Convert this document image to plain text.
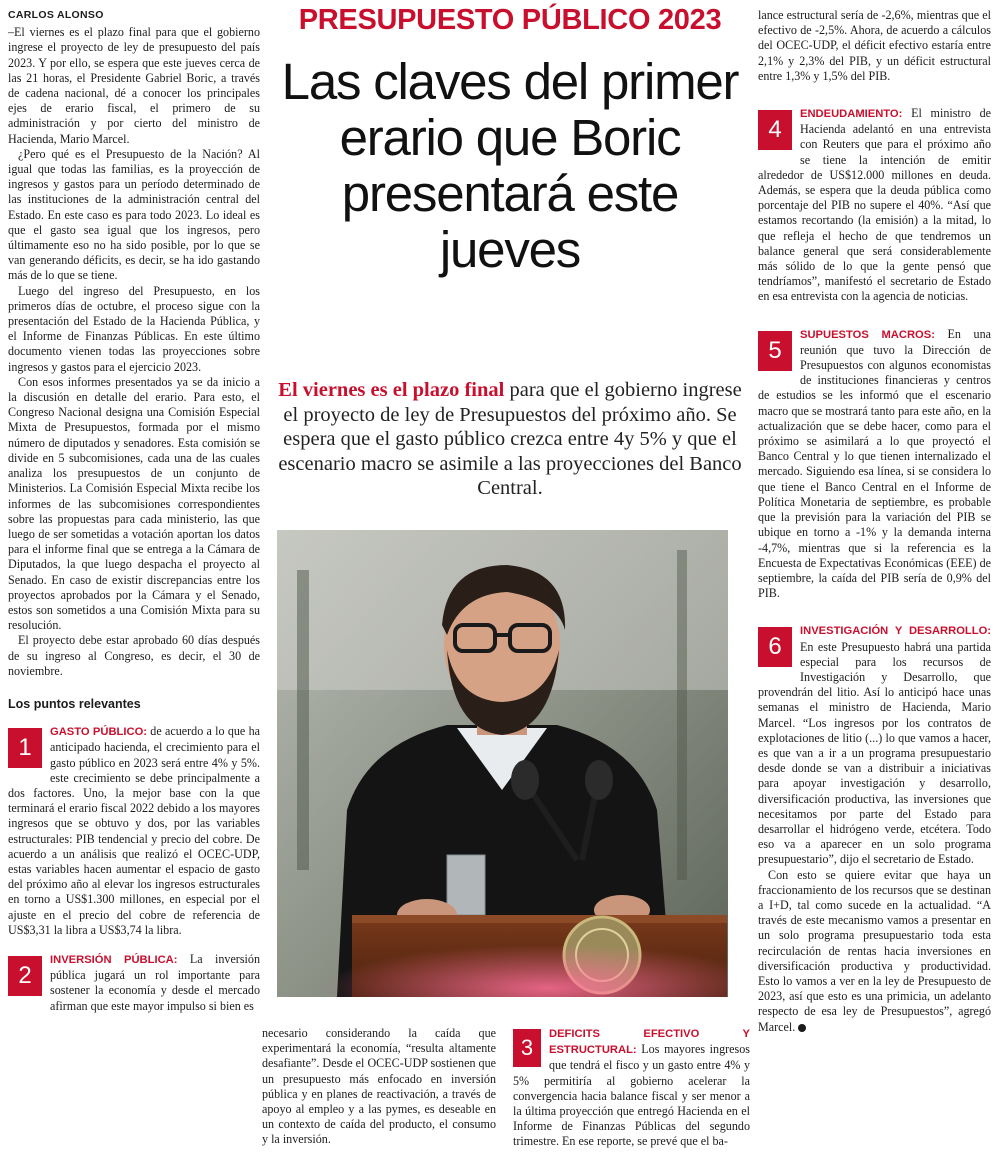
CARLOS ALONSO

–El viernes es el plazo final para que el gobierno ingrese el proyecto de ley de presupuesto del país 2023. Y por ello, se espera que este jueves cerca de las 21 horas, el Presidente Gabriel Boric, a través de cadena nacional, dé a conocer los principales ejes de erario fiscal, el primero de su administración y por cierto del ministro de Hacienda, Mario Marcel.

¿Pero qué es el Presupuesto de la Nación? Al igual que todas las familias, es la proyección de ingresos y gastos para un período determinado de las instituciones de la administración central del Estado. En este caso es para todo 2023. Lo ideal es que el gasto sea igual que los ingresos, pero últimamente eso no ha sido posible, por lo que se van generando déficits, es decir, se ha ido gastando más de lo que se tiene.

Luego del ingreso del Presupuesto, en los primeros días de octubre, el proceso sigue con la presentación del Estado de la Hacienda Pública, y el Informe de Finanzas Públicas. En este último documento vienen todas las proyecciones sobre ingresos y gastos para el ejercicio 2023.

Con esos informes presentados ya se da inicio a la discusión en detalle del erario. Para esto, el Congreso Nacional designa una Comisión Especial Mixta de Presupuestos, formada por el mismo número de diputados y senadores. Esta comisión se divide en 5 subcomisiones, cada una de las cuales analiza los presupuestos de un conjunto de Ministerios. La Comisión Especial Mixta recibe los informes de las subcomisiones correspondientes sobre las propuestas para cada ministerio, las que luego de ser sometidas a votación aportan los datos para el informe final que se entrega a la Cámara de Diputados, la que luego despacha el proyecto al Senado. En caso de existir discrepancias entre los proyectos aprobados por la Cámara y el Senado, estos son sometidos a una Comisión Mixta para su resolución.

El proyecto debe estar aprobado 60 días después de su ingreso al Congreso, es decir, el 30 de noviembre.

Los puntos relevantes
1
GASTO PÚBLICO: de acuerdo a lo que ha anticipado hacienda, el crecimiento para el gasto público en 2023 será entre 4% y 5%. este crecimiento se debe principalmente a dos factores. Uno, la mejor base con la que terminará el erario fiscal 2022 debido a los mayores ingresos que se obtuvo y dos, por las variables estructurales: PIB tendencial y precio del cobre. De acuerdo a un análisis que realizó el OCEC-UDP, estas variables hacen aumentar el espacio de gasto del próximo año al elevar los ingresos estructurales en torno a US$1.300 millones, en especial por el ajuste en el precio del cobre de referencia de US$3,31 la libra a US$3,74 la libra.
2
INVERSIÓN PÚBLICA: La inversión pública jugará un rol importante para sostener la economía y desde el mercado afirman que este mayor impulso si bien es
PRESUPUESTO PÚBLICO 2023
Las claves del primer erario que Boric presentará este jueves
El viernes es el plazo final para que el gobierno ingrese el proyecto de ley de Presupuestos del próximo año. Se espera que el gasto público crezca entre 4y 5% y que el escenario macro se asimile a las proyecciones del Banco Central.
necesario considerando la caída que experimentará la economía, “resulta altamente desafiante”. Desde el OCEC-UDP sostienen que un presupuesto más enfocado en inversión pública y en planes de reactivación, a través de apoyo al empleo y a las pymes, es deseable en un contexto de caída del producto, el consumo y la inversión.
3
DEFICITS EFECTIVO Y ESTRUCTURAL: Los mayores ingresos que tendrá el fisco y un gasto entre 4% y 5% permitiría al gobierno acelerar la convergencia hacia balance fiscal y ser menor a la última proyección que entregó Hacienda en el Informe de Finanzas Públicas del segundo trimestre. En ese reporte, se prevé que el ba-

lance estructural sería de -2,6%, mientras que el efectivo de -2,5%. Ahora, de acuerdo a cálculos del OCEC-UDP, el déficit efectivo estaría entre 2,1% y 2,3% del PIB, y un déficit estructural entre 1,3% y 1,5% del PIB.

4
ENDEUDAMIENTO: El ministro de Hacienda adelantó en una entrevista con Reuters que para el próximo año se tiene la intención de emitir alrededor de US$12.000 millones en deuda. Además, se espera que la deuda pública como porcentaje del PIB no supere el 40%. “Así que estamos recortando (la emisión) a la mitad, lo que refleja el hecho de que tendremos un balance general que será considerablemente más sólido de lo que la gente pensó que tendríamos”, manifestó el secretario de Estado en esa entrevista con la agencia de noticias.
5
SUPUESTOS MACROS: En una reunión que tuvo la Dirección de Presupuestos con algunos economistas de instituciones financieras y centros de estudios se les informó que el escenario macro que se mostrará tanto para este año, en la actualización que se debe hacer, como para el próximo se asimilará a lo que proyectó el Banco Central y lo que tienen internalizado el mercado. Siguiendo esa línea, si se considera lo que tiene el Banco Central en el Informe de Política Monetaria de septiembre, es probable que la previsión para la variación del PIB se ubique en torno a -1% y la demanda interna -4,7%, mientras que si la referencia es la Encuesta de Expectativas Económicas (EEE) de septiembre, la caída del PIB sería de 0,9% del PIB.
6
INVESTIGACIÓN Y DESARROLLO: En este Presupuesto habrá una partida especial para los recursos de Investigación y Desarrollo, que provendrán del litio. Así lo anticipó hace unas semanas el ministro de Hacienda, Mario Marcel. “Los ingresos por los contratos de explotaciones de litio (...) lo que vamos a hacer, es que van a ir a un programa presupuestario desde donde se van a distribuir a iniciativas para apoyar investigación y desarrollo, diversificación productiva, las inversiones que necesitamos por parte del Estado para desarrollar el hidrógeno verde, etcétera. Todo eso va a aparecer en un solo programa presupuestario”, dijo el secretario de Estado.

Con esto se quiere evitar que haya un fraccionamiento de los recursos que se destinan a I+D, tal como sucede en la actualidad. “A través de este mecanismo vamos a presentar en un solo programa presupuestario toda esta recirculación de rentas hacia inversiones en diversificación productiva y productividad. Esto lo vamos a ver en la ley de Presupuesto de 2023, así que esto es una primicia, un adelanto respecto de esa ley de Presupuestos”, agregó Marcel.
